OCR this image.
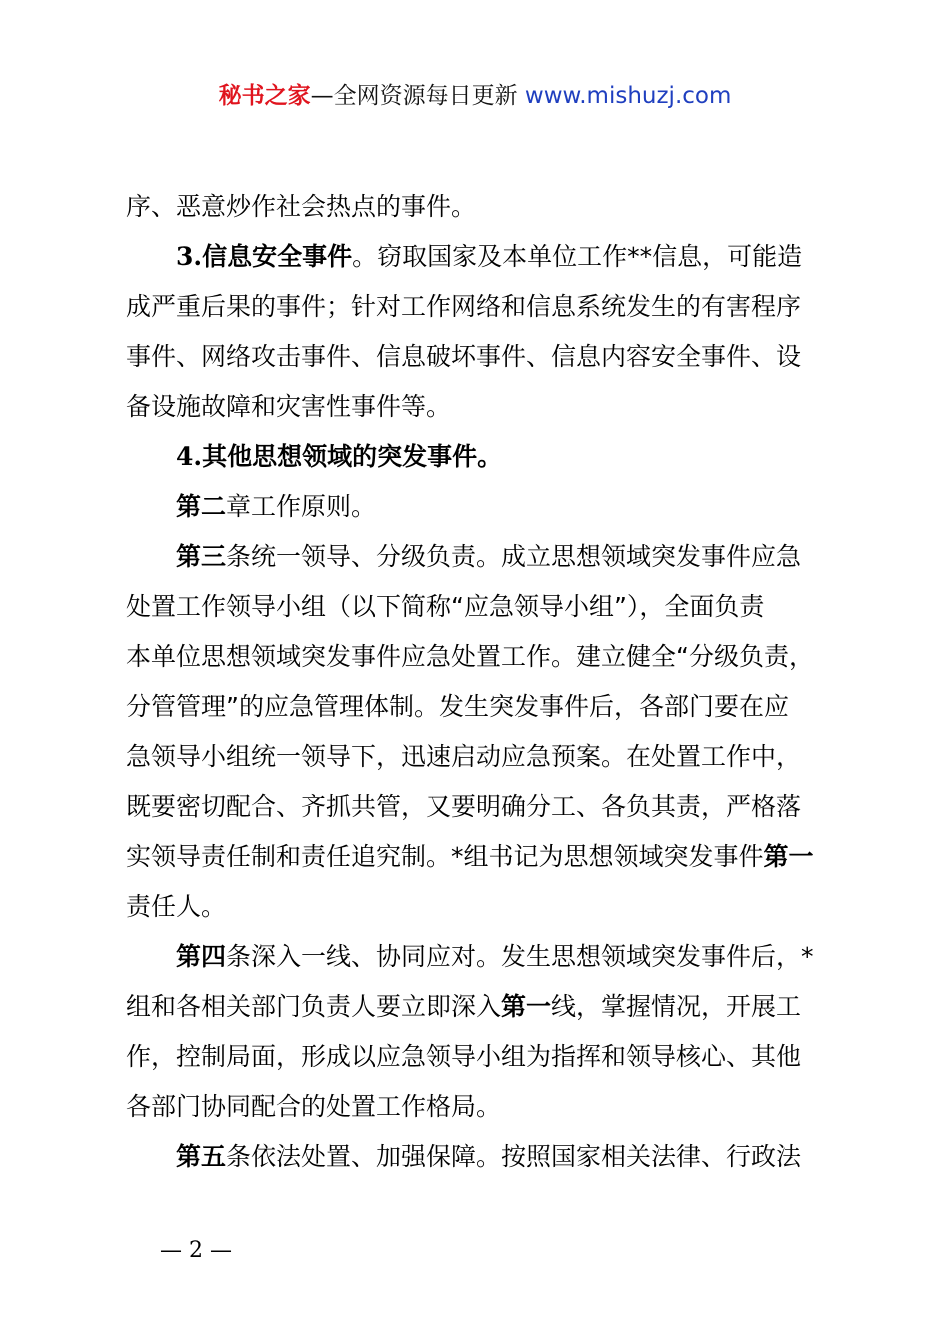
秘书之家—全网资源每日更新 www.mishuzj.com
序、恶意炒作社会热点的事件。
3.信息安全事件。窃取国家及本单位工作**信息，可能造
成严重后果的事件；针对工作网络和信息系统发生的有害程序
事件、网络攻击事件、信息破坏事件、信息内容安全事件、设
备设施故障和灾害性事件等。
4.其他思想领域的突发事件。
第二章工作原则。
第三条统一领导、分级负责。成立思想领域突发事件应急
处置工作领导小组（以下简称“应急领导小组”），全面负责
本单位思想领域突发事件应急处置工作。建立健全“分级负责，
分管管理”的应急管理体制。发生突发事件后，各部门要在应
急领导小组统一领导下，迅速启动应急预案。在处置工作中，
既要密切配合、齐抓共管，又要明确分工、各负其责，严格落
实领导责任制和责任追究制。*组书记为思想领域突发事件第一
责任人。
第四条深入一线、协同应对。发生思想领域突发事件后，*
组和各相关部门负责人要立即深入第一线，掌握情况，开展工
作，控制局面，形成以应急领导小组为指挥和领导核心、其他
各部门协同配合的处置工作格局。
第五条依法处置、加强保障。按照国家相关法律、行政法
— 2 —
